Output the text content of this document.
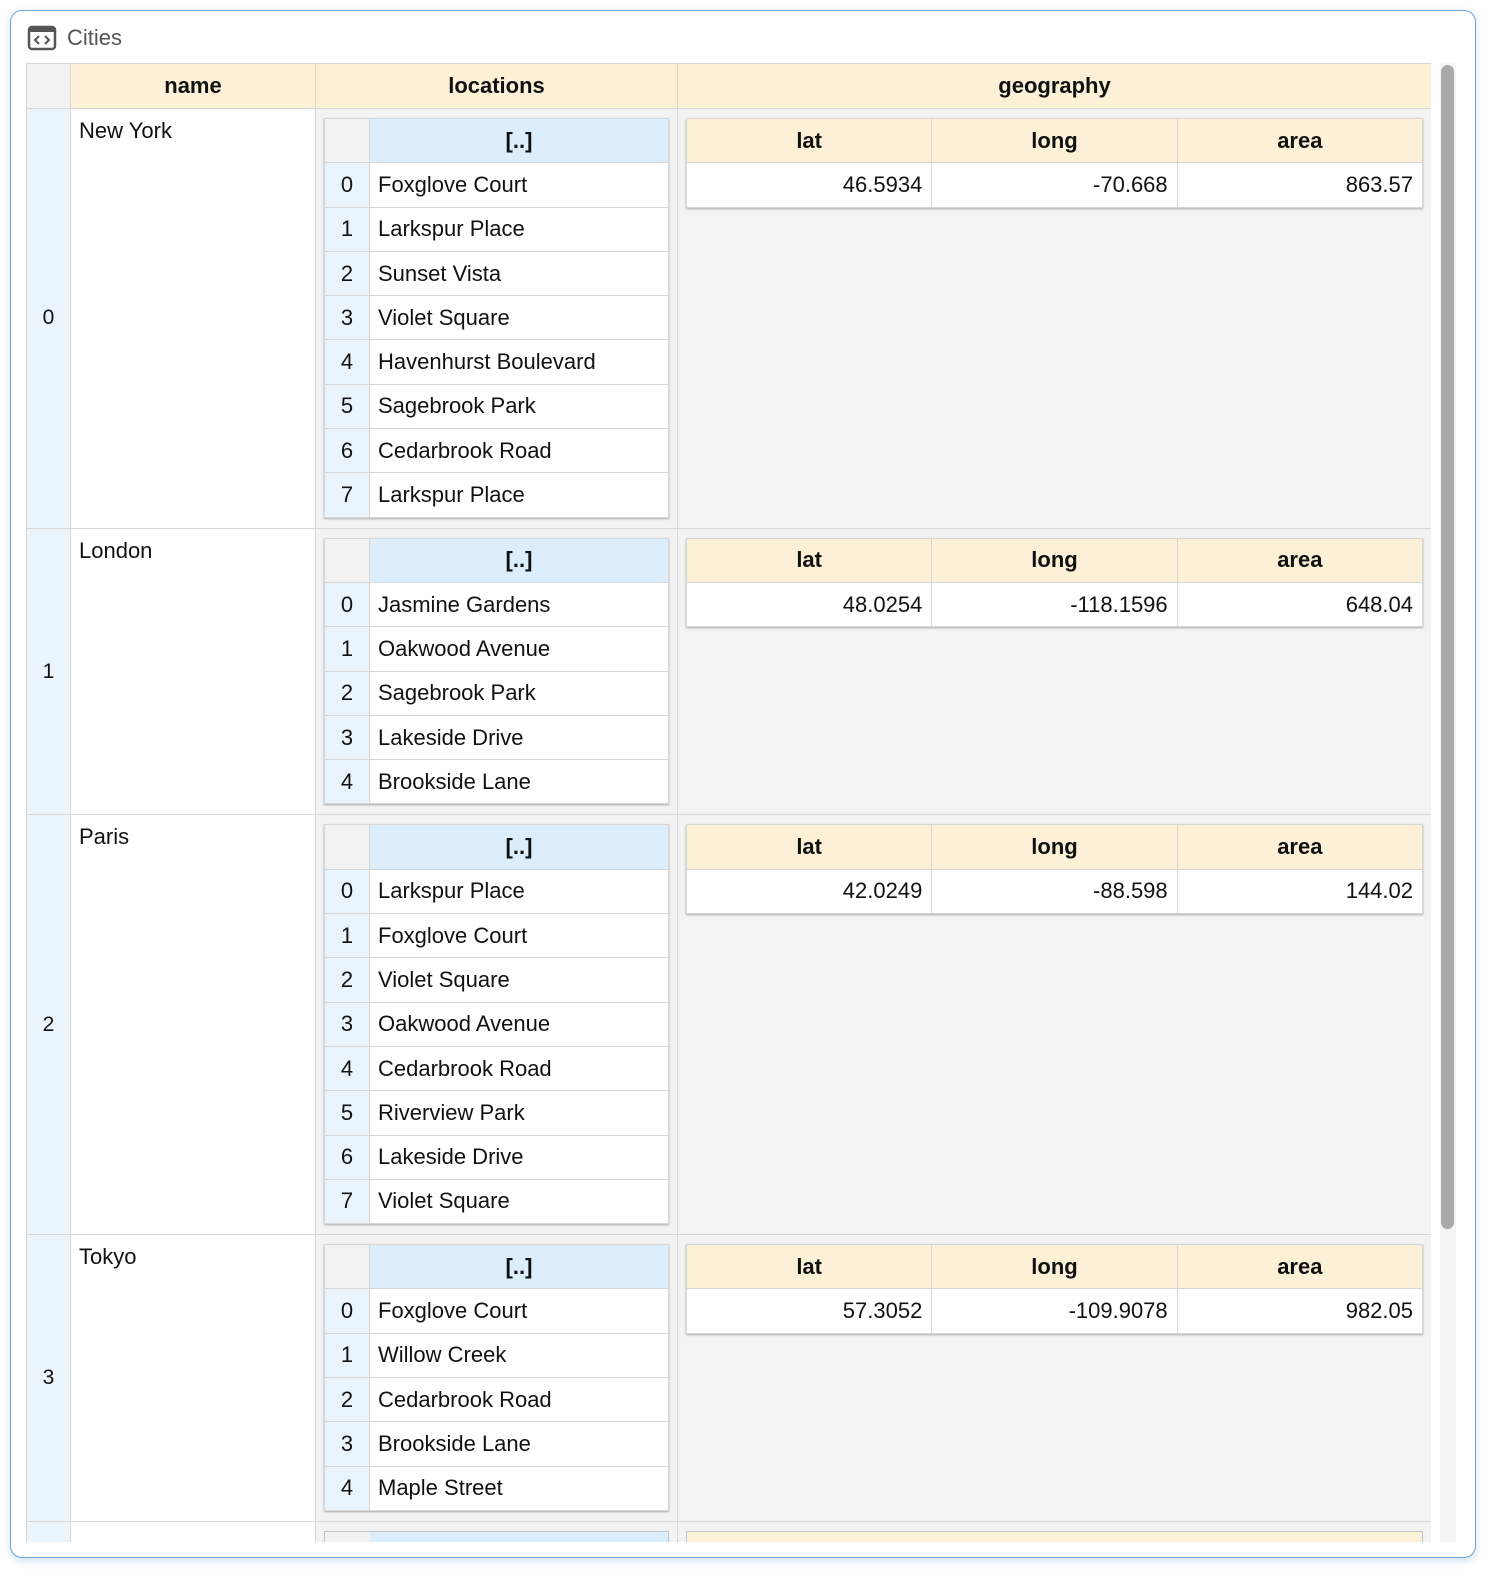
Cities
	name	locations	geography
0	New York	
		[..]
0	Foxglove Court
1	Larkspur Place
2	Sunset Vista
3	Violet Square
4	Havenhurst Boulevard
5	Sagebrook Park
6	Cedarbrook Road
7	Larkspur Place

lat	long	area
46.5934	-70.668	863.57

1	London	
		[..]
0	Jasmine Gardens
1	Oakwood Avenue
2	Sagebrook Park
3	Lakeside Drive
4	Brookside Lane

lat	long	area
48.0254	-118.1596	648.04

2	Paris	
		[..]
0	Larkspur Place
1	Foxglove Court
2	Violet Square
3	Oakwood Avenue
4	Cedarbrook Road
5	Riverview Park
6	Lakeside Drive
7	Violet Square

lat	long	area
42.0249	-88.598	144.02

3	Tokyo	
		[..]
0	Foxglove Court
1	Willow Creek
2	Cedarbrook Road
3	Brookside Lane
4	Maple Street

lat	long	area
57.3052	-109.9078	982.05
